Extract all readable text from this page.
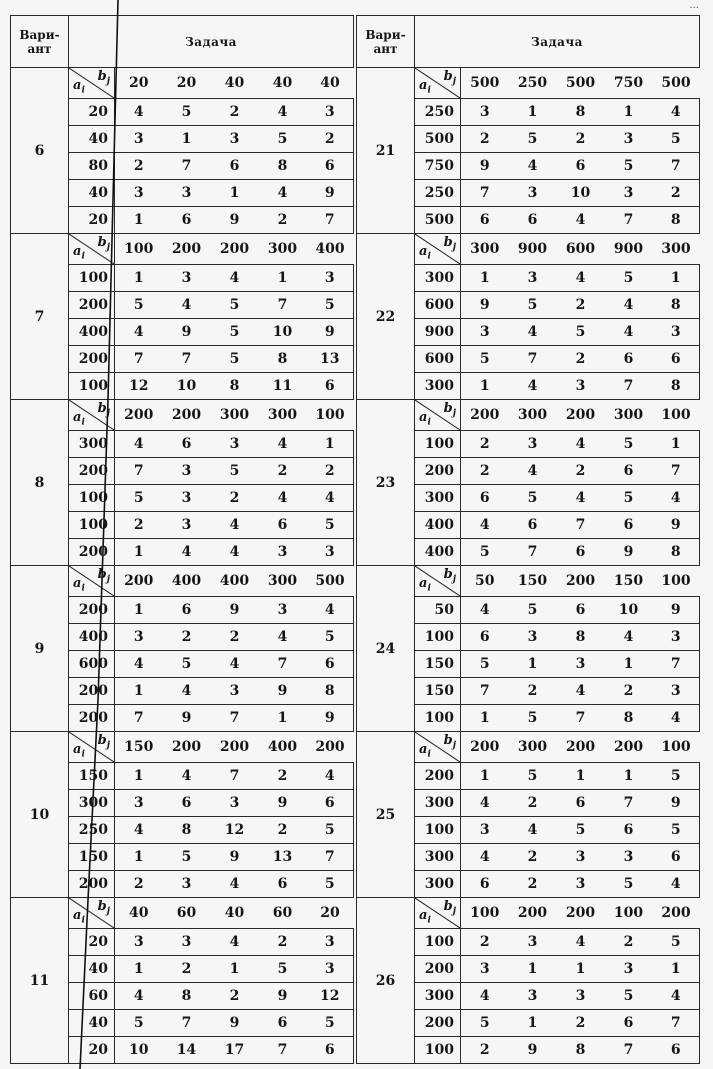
...
Вари-
ант	Задача					
6	$a_i$
$b_j$	20	20	40	40	40
	20	4	5	2	4	3
	40	3	1	3	5	2
	80	2	7	6	8	6
	40	3	3	1	4	9
	20	1	6	9	2	7
7	$a_i$
$b_j$	100	200	200	300	400
	100	1	3	4	1	3
	200	5	4	5	7	5
	400	4	9	5	10	9
	200	7	7	5	8	13
	100	12	10	8	11	6
8	$a_i$
$b_j$	200	200	300	300	100
	300	4	6	3	4	1
	200	7	3	5	2	2
	100	5	3	2	4	4
	100	2	3	4	6	5
	200	1	4	4	3	3
9	$a_i$
$b_j$	200	400	400	300	500
	200	1	6	9	3	4
	400	3	2	2	4	5
	600	4	5	4	7	6
	200	1	4	3	9	8
	200	7	9	7	1	9
10	$a_i$
$b_j$	150	200	200	400	200
	150	1	4	7	2	4
	300	3	6	3	9	6
	250	4	8	12	2	5
	150	1	5	9	13	7
	200	2	3	4	6	5
11	$a_i$
$b_j$	40	60	40	60	20
	20	3	3	4	2	3
	40	1	2	1	5	3
	60	4	8	2	9	12
	40	5	7	9	6	5
	20	10	14	17	7	6
Вари-
ант	Задача					
21	$a_i$
$b_j$	500	250	500	750	500
	250	3	1	8	1	4
	500	2	5	2	3	5
	750	9	4	6	5	7
	250	7	3	10	3	2
	500	6	6	4	7	8
22	$a_i$
$b_j$	300	900	600	900	300
	300	1	3	4	5	1
	600	9	5	2	4	8
	900	3	4	5	4	3
	600	5	7	2	6	6
	300	1	4	3	7	8
23	$a_i$
$b_j$	200	300	200	300	100
	100	2	3	4	5	1
	200	2	4	2	6	7
	300	6	5	4	5	4
	400	4	6	7	6	9
	400	5	7	6	9	8
24	$a_i$
$b_j$	50	150	200	150	100
	50	4	5	6	10	9
	100	6	3	8	4	3
	150	5	1	3	1	7
	150	7	2	4	2	3
	100	1	5	7	8	4
25	$a_i$
$b_j$	200	300	200	200	100
	200	1	5	1	1	5
	300	4	2	6	7	9
	100	3	4	5	6	5
	300	4	2	3	3	6
	300	6	2	3	5	4
26	$a_i$
$b_j$	100	200	200	100	200
	100	2	3	4	2	5
	200	3	1	1	3	1
	300	4	3	3	5	4
	200	5	1	2	6	7
	100	2	9	8	7	6
